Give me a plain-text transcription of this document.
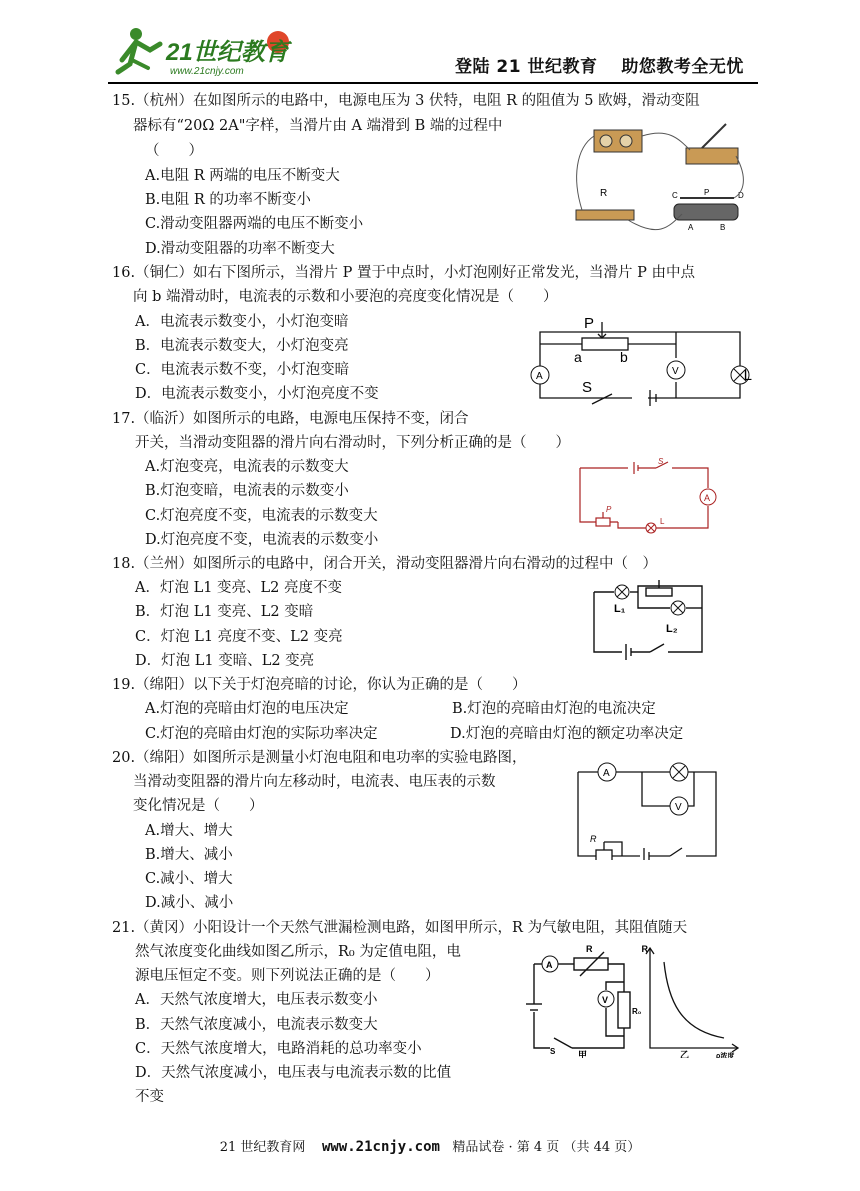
21世纪教育
www.21cnjy.com	登陆 21 世纪教育　 助您教考全无忧
15.（杭州）在如图所示的电路中，电源电压为 3 伏特，电阻 R 的阻值为 5 欧姆，滑动变阻
器标有“20Ω 2A"字样，当滑片由 A 端滑到 B 端的过程中
（　　）
A.电阻 R 两端的电压不断变大
B.电阻 R 的功率不断变小
C.滑动变阻器两端的电压不断变小
D.滑动变阻器的功率不断变大
R	C	P	D
A	B
16.（铜仁）如右下图所示，当滑片 P 置于中点时，小灯泡刚好正常发光，当滑片 P 由中点
向 b 端滑动时，电流表的示数和小要泡的亮度变化情况是（　　）
A．电流表示数变小，小灯泡变暗
B．电流表示数变大，小灯泡变亮
C．电流表示数不变，小灯泡变暗
D．电流表示数变小，小灯泡亮度不变
A	V
P
a	b
S
L
17.（临沂）如图所示的电路，电源电压保持不变，闭合
开关，当滑动变阻器的滑片向右滑动时，下列分析正确的是（　　）
A.灯泡变亮，电流表的示数变大
B.灯泡变暗，电流表的示数变小
C.灯泡亮度不变，电流表的示数变大
D.灯泡亮度不变，电流表的示数变小
A
S
P
L
18.（兰州）如图所示的电路中，闭合开关，滑动变阻器滑片向右滑动的过程中（　）
A．灯泡 L1 变亮、L2 亮度不变
B．灯泡 L1 变亮、L2 变暗
C．灯泡 L1 亮度不变、L2 变亮
D．灯泡 L1 变暗、L2 变亮
L₁
L₂
19.（绵阳）以下关于灯泡亮暗的讨论，你认为正确的是（　　）
A.灯泡的亮暗由灯泡的电压决定	B.灯泡的亮暗由灯泡的电流决定
C.灯泡的亮暗由灯泡的实际功率决定	D.灯泡的亮暗由灯泡的额定功率决定
20.（绵阳）如图所示是测量小灯泡电阻和电功率的实验电路图，
当滑动变阻器的滑片向左移动时，电流表、电压表的示数
变化情况是（　　）
A.增大、增大
B.增大、减小
C.减小、增大
D.减小、减小
A
V
R
21.（黄冈）小阳设计一个天然气泄漏检测电路，如图甲所示，R 为气敏电阻，其阻值随天
然气浓度变化曲线如图乙所示，R₀ 为定值电阻，电
源电压恒定不变。则下列说法正确的是（　　）
A．天然气浓度增大，电压表示数变小
B．天然气浓度减小，电流表示数变大
C．天然气浓度增大，电路消耗的总功率变小
D．天然气浓度减小，电压表与电流表示数的比值
不变
A
V
R
R₀
S	甲
R
乙	ρ浓度
21 世纪教育网 www.21cnjy.com 精品试卷 · 第 4 页 （共 44 页）
